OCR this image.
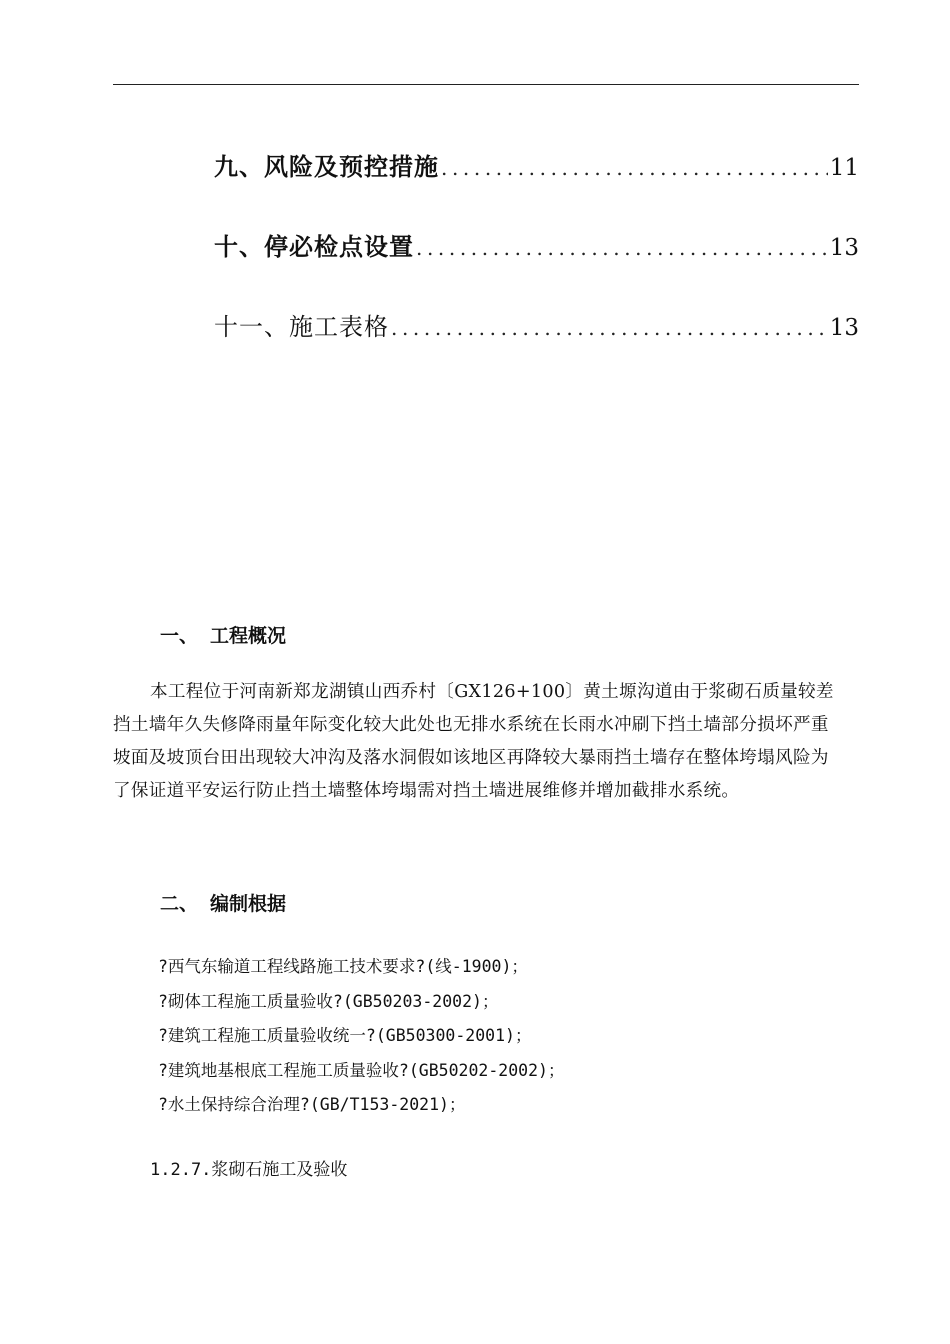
九、风险及预控措施 .....	11
十、停必检点设置 .....	13
十一、施工表格 .....	13
一、 工程概况

本工程位于河南新郑龙湖镇山西乔村〔GX126+100〕黄土塬沟道由于浆砌石质量较差挡土墙年久失修降雨量年际变化较大此处也无排水系统在长雨水冲刷下挡土墙部分损坏严重坡面及坡顶台田出现较大冲沟及落水洞假如该地区再降较大暴雨挡土墙存在整体垮塌风险为了保证道平安运行防止挡土墙整体垮塌需对挡土墙进展维修并增加截排水系统。

二、 编制根据
?西气东输道工程线路施工技术要求?(线-1900)；
?砌体工程施工质量验收?(GB50203-2002)；
?建筑工程施工质量验收统一?(GB50300-2001)；
?建筑地基根底工程施工质量验收?(GB50202-2002)；
?水土保持综合治理?(GB/T153-2021)；

1.2.7.浆砌石施工及验收
